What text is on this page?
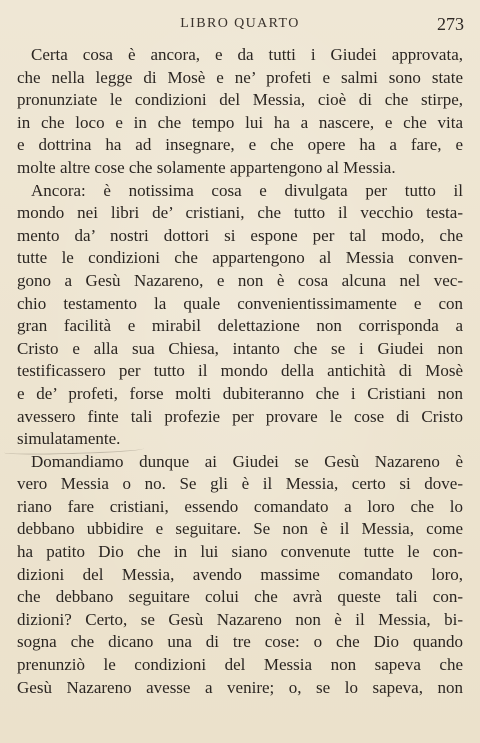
LIBRO QUARTO	273
Certa cosa è ancora, e da tutti i Giudei approvata,
che nella legge di Mosè e ne’ profeti e salmi sono state
pronunziate le condizioni del Messia, cioè di che stirpe,
in che loco e in che tempo lui ha a nascere, e che vita
e dottrina ha ad insegnare, e che opere ha a fare, e
molte altre cose che solamente appartengono al Messia.
Ancora: è notissima cosa e divulgata per tutto il
mondo nei libri de’ cristiani, che tutto il vecchio testa-
mento da’ nostri dottori si espone per tal modo, che
tutte le condizioni che appartengono al Messia conven-
gono a Gesù Nazareno, e non è cosa alcuna nel vec-
chio testamento la quale convenientissimamente e con
gran facilità e mirabil delettazione non corrisponda a
Cristo e alla sua Chiesa, intanto che se i Giudei non
testificassero per tutto il mondo della antichità di Mosè
e de’ profeti, forse molti dubiteranno che i Cristiani non
avessero finte tali profezie per provare le cose di Cristo
simulatamente.
Domandiamo dunque ai Giudei se Gesù Nazareno è
vero Messia o no. Se gli è il Messia, certo si dove-
riano fare cristiani, essendo comandato a loro che lo
debbano ubbidire e seguitare. Se non è il Messia, come
ha patito Dio che in lui siano convenute tutte le con-
dizioni del Messia, avendo massime comandato loro,
che debbano seguitare colui che avrà queste tali con-
dizioni? Certo, se Gesù Nazareno non è il Messia, bi-
sogna che dicano una di tre cose: o che Dio quando
prenunziò le condizioni del Messia non sapeva che
Gesù Nazareno avesse a venire; o, se lo sapeva, non
